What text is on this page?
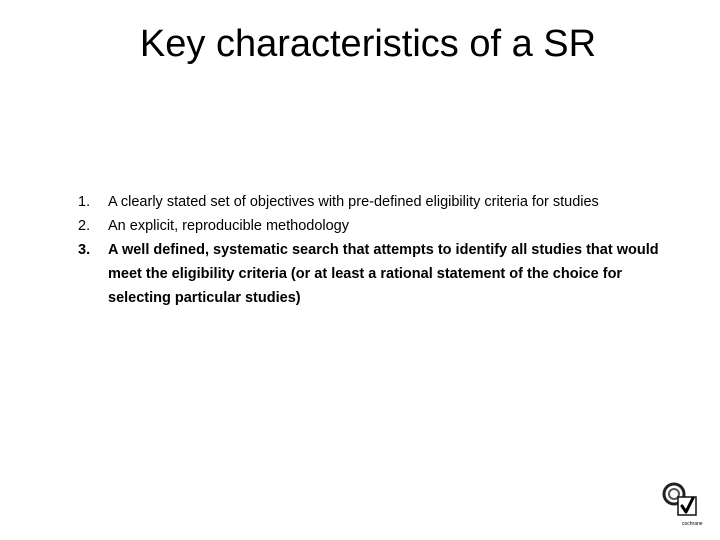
Key characteristics of a SR
1.	A clearly stated set of objectives with pre-defined eligibility criteria for studies
2.	An explicit, reproducible methodology
3.	A well defined, systematic search that attempts to identify all studies that would meet the eligibility criteria (or at least a rational statement of the choice for selecting particular studies)
cochrane
